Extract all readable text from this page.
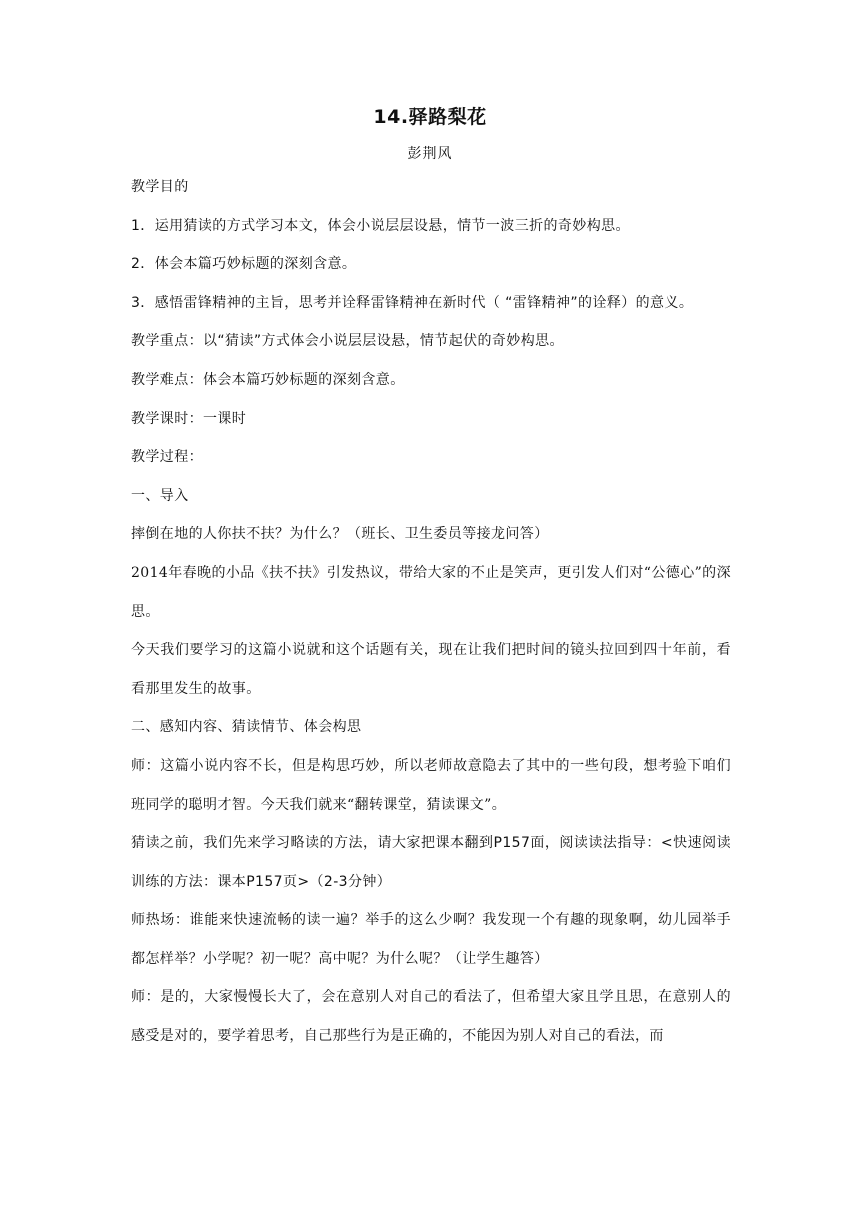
14.驿路梨花
彭荆风

教学目的

1．运用猜读的方式学习本文，体会小说层层设悬，情节一波三折的奇妙构思。

2．体会本篇巧妙标题的深刻含意。

3．感悟雷锋精神的主旨，思考并诠释雷锋精神在新时代（ “雷锋精神”的诠释）的意义。

教学重点：以“猜读”方式体会小说层层设悬，情节起伏的奇妙构思。

教学难点：体会本篇巧妙标题的深刻含意。

教学课时：一课时

教学过程：

一、导入

摔倒在地的人你扶不扶？为什么？（班长、卫生委员等接龙问答）

2014年春晚的小品《扶不扶》引发热议，带给大家的不止是笑声，更引发人们对“公德心”的深思。

今天我们要学习的这篇小说就和这个话题有关，现在让我们把时间的镜头拉回到四十年前，看看那里发生的故事。

二、感知内容、猜读情节、体会构思

师：这篇小说内容不长，但是构思巧妙，所以老师故意隐去了其中的一些句段，想考验下咱们班同学的聪明才智。今天我们就来“翻转课堂，猜读课文”。

猜读之前，我们先来学习略读的方法，请大家把课本翻到P157面，阅读读法指导：<快速阅读训练的方法：课本P157页>（2-3分钟）

师热场：谁能来快速流畅的读一遍？举手的这么少啊？我发现一个有趣的现象啊，幼儿园举手都怎样举？小学呢？初一呢？高中呢？为什么呢？（让学生趣答）

师：是的，大家慢慢长大了，会在意别人对自己的看法了，但希望大家且学且思，在意别人的感受是对的，要学着思考，自己那些行为是正确的，不能因为别人对自己的看法，而
